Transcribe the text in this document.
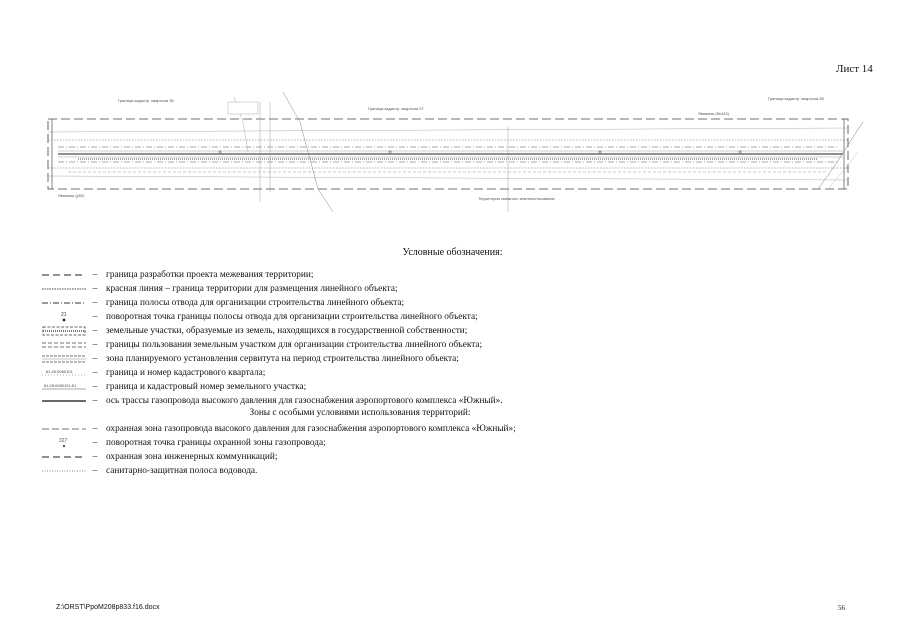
Лист 14
Граница кадастр. квартала 36
Граница кадастр. квартала 37
Ямиянак (у52)
Ямиянак (№143)
Граница кадастр. квартала 38
Территория смежного землепользования
Условные обозначения:
– граница разработки проекта межевания территории;
– красная линия – граница территории для размещения линейного объекта;
– граница полосы отвода для организации строительства линейного объекта;
21	– поворотная точка границы полосы отвода для организации строительства линейного объекта;
– земельные участки, образуемые из земель, находящихся в государственной собственности;
– границы пользования земельным участком для организации строительства линейного объекта;
– зона планируемого установления сервитута на период строительства линейного объекта;
61:25:0060101	– граница и номер кадастрового квартала;
61:25:0060101:51	– граница и кадастровый номер земельного участка;
– ось трассы газопровода высокого давления для газоснабжения аэропортового комплекса «Южный».
Зоны с особыми условиями использования территорий:
– охранная зона газопровода высокого давления для газоснабжения аэропортового комплекса «Южный»;
327	– поворотная точка границы охранной зоны газопровода;
– охранная зона инженерных коммуникаций;
– санитарно-защитная полоса водовода.
Z:\ORST\PpoM208p833.f16.docx	56
